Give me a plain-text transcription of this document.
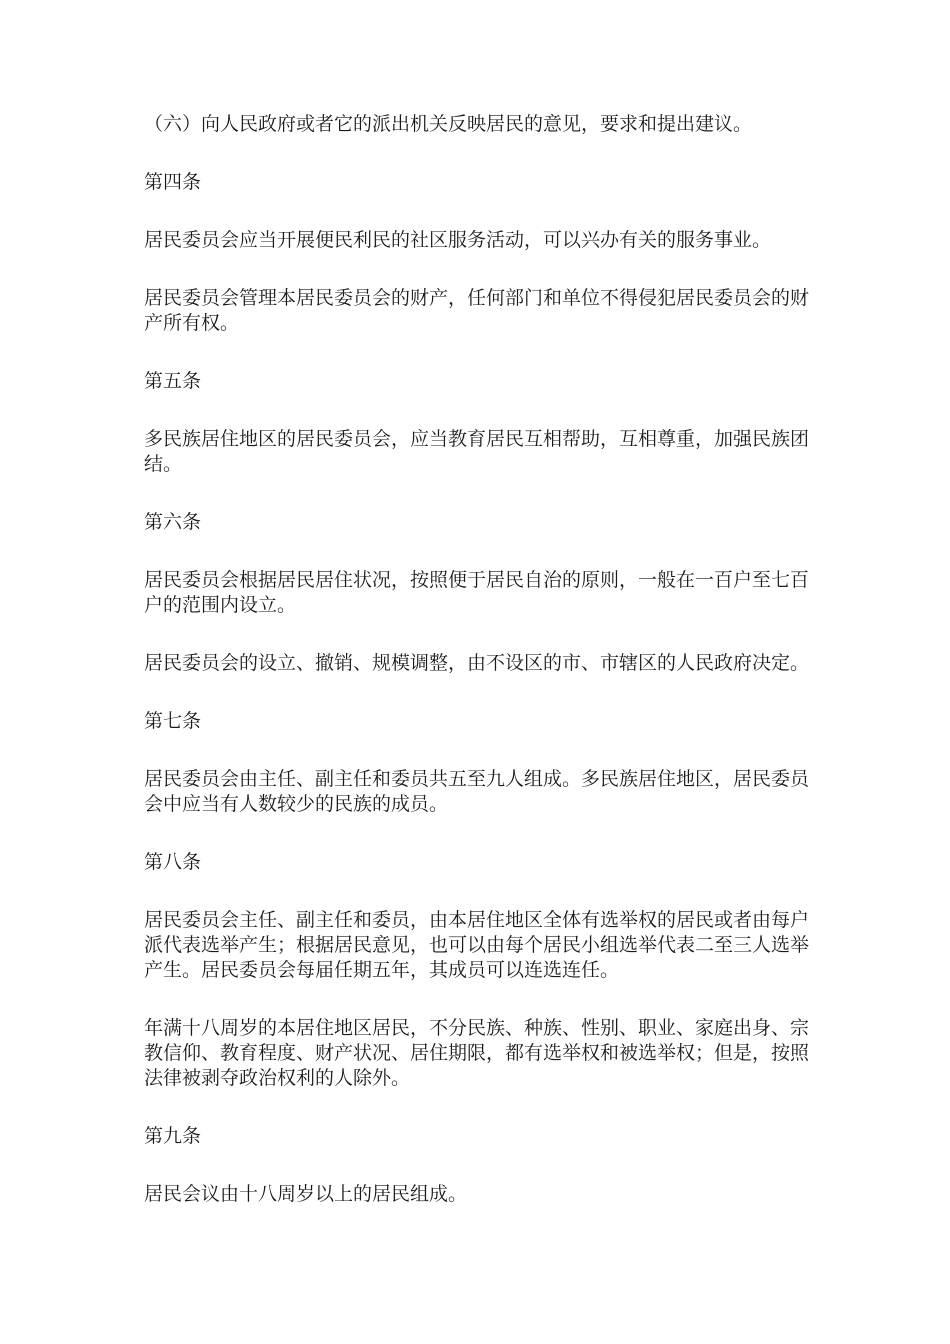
（六）向人民政府或者它的派出机关反映居民的意见，要求和提出建议。

第四条

居民委员会应当开展便民利民的社区服务活动，可以兴办有关的服务事业。

居民委员会管理本居民委员会的财产，任何部门和单位不得侵犯居民委员会的财产所有权。

第五条

多民族居住地区的居民委员会，应当教育居民互相帮助，互相尊重，加强民族团结。

第六条

居民委员会根据居民居住状况，按照便于居民自治的原则，一般在一百户至七百户的范围内设立。

居民委员会的设立、撤销、规模调整，由不设区的市、市辖区的人民政府决定。

第七条

居民委员会由主任、副主任和委员共五至九人组成。多民族居住地区，居民委员会中应当有人数较少的民族的成员。

第八条

居民委员会主任、副主任和委员，由本居住地区全体有选举权的居民或者由每户派代表选举产生；根据居民意见，也可以由每个居民小组选举代表二至三人选举产生。居民委员会每届任期五年，其成员可以连选连任。

年满十八周岁的本居住地区居民，不分民族、种族、性别、职业、家庭出身、宗教信仰、教育程度、财产状况、居住期限，都有选举权和被选举权；但是，按照法律被剥夺政治权利的人除外。

第九条

居民会议由十八周岁以上的居民组成。
